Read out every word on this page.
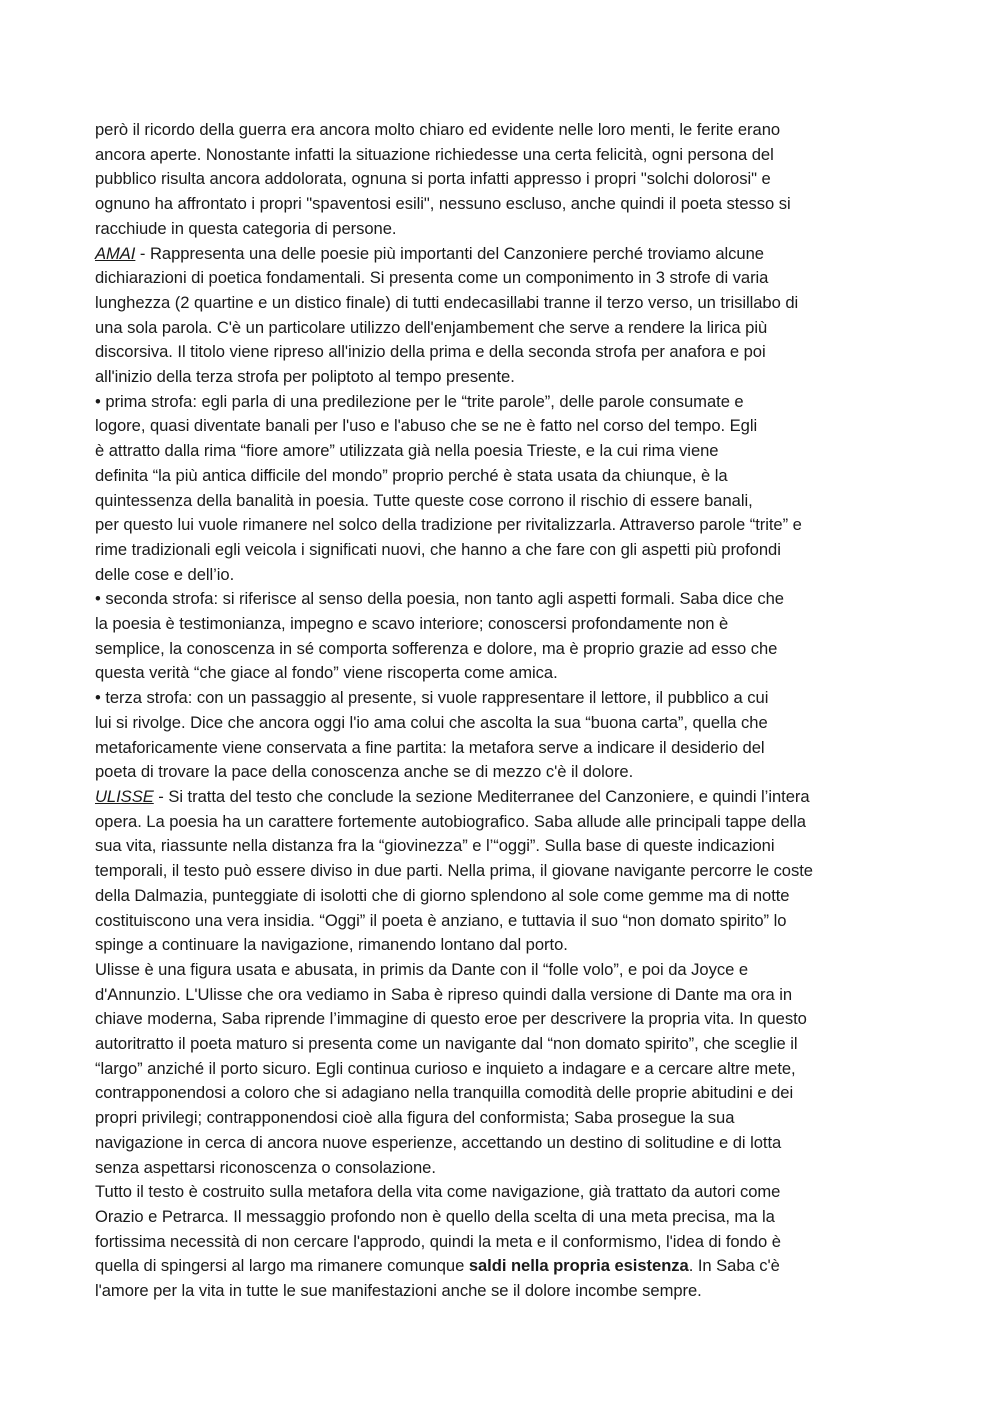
però il ricordo della guerra era ancora molto chiaro ed evidente nelle loro menti, le ferite erano
ancora aperte. Nonostante infatti la situazione richiedesse una certa felicità, ogni persona del
pubblico risulta ancora addolorata, ognuna si porta infatti appresso i propri "solchi dolorosi" e
ognuno ha affrontato i propri "spaventosi esili", nessuno escluso, anche quindi il poeta stesso si
racchiude in questa categoria di persone.
AMAI - Rappresenta una delle poesie più importanti del Canzoniere perché troviamo alcune
dichiarazioni di poetica fondamentali. Si presenta come un componimento in 3 strofe di varia
lunghezza (2 quartine e un distico finale) di tutti endecasillabi tranne il terzo verso, un trisillabo di
una sola parola. C'è un particolare utilizzo dell'enjambement che serve a rendere la lirica più
discorsiva. Il titolo viene ripreso all'inizio della prima e della seconda strofa per anafora e poi
all'inizio della terza strofa per poliptoto al tempo presente.
• prima strofa: egli parla di una predilezione per le “trite parole”, delle parole consumate e
logore, quasi diventate banali per l'uso e l'abuso che se ne è fatto nel corso del tempo. Egli
è attratto dalla rima “fiore amore” utilizzata già nella poesia Trieste, e la cui rima viene
definita “la più antica difficile del mondo” proprio perché è stata usata da chiunque, è la
quintessenza della banalità in poesia. Tutte queste cose corrono il rischio di essere banali,
per questo lui vuole rimanere nel solco della tradizione per rivitalizzarla. Attraverso parole “trite” e
rime tradizionali egli veicola i significati nuovi, che hanno a che fare con gli aspetti più profondi
delle cose e dell’io.
• seconda strofa: si riferisce al senso della poesia, non tanto agli aspetti formali. Saba dice che
la poesia è testimonianza, impegno e scavo interiore; conoscersi profondamente non è
semplice, la conoscenza in sé comporta sofferenza e dolore, ma è proprio grazie ad esso che
questa verità “che giace al fondo” viene riscoperta come amica.
• terza strofa: con un passaggio al presente, si vuole rappresentare il lettore, il pubblico a cui
lui si rivolge. Dice che ancora oggi l'io ama colui che ascolta la sua “buona carta”, quella che
metaforicamente viene conservata a fine partita: la metafora serve a indicare il desiderio del
poeta di trovare la pace della conoscenza anche se di mezzo c'è il dolore.
ULISSE - Si tratta del testo che conclude la sezione Mediterranee del Canzoniere, e quindi l’intera
opera. La poesia ha un carattere fortemente autobiografico. Saba allude alle principali tappe della
sua vita, riassunte nella distanza fra la “giovinezza” e l’“oggi”. Sulla base di queste indicazioni
temporali, il testo può essere diviso in due parti. Nella prima, il giovane navigante percorre le coste
della Dalmazia, punteggiate di isolotti che di giorno splendono al sole come gemme ma di notte
costituiscono una vera insidia. “Oggi” il poeta è anziano, e tuttavia il suo “non domato spirito” lo
spinge a continuare la navigazione, rimanendo lontano dal porto.
Ulisse è una figura usata e abusata, in primis da Dante con il “folle volo”, e poi da Joyce e
d'Annunzio. L'Ulisse che ora vediamo in Saba è ripreso quindi dalla versione di Dante ma ora in
chiave moderna, Saba riprende l’immagine di questo eroe per descrivere la propria vita. In questo
autoritratto il poeta maturo si presenta come un navigante dal “non domato spirito”, che sceglie il
“largo” anziché il porto sicuro. Egli continua curioso e inquieto a indagare e a cercare altre mete,
contrapponendosi a coloro che si adagiano nella tranquilla comodità delle proprie abitudini e dei
propri privilegi; contrapponendosi cioè alla figura del conformista; Saba prosegue la sua
navigazione in cerca di ancora nuove esperienze, accettando un destino di solitudine e di lotta
senza aspettarsi riconoscenza o consolazione.
Tutto il testo è costruito sulla metafora della vita come navigazione, già trattato da autori come
Orazio e Petrarca. Il messaggio profondo non è quello della scelta di una meta precisa, ma la
fortissima necessità di non cercare l'approdo, quindi la meta e il conformismo, l'idea di fondo è
quella di spingersi al largo ma rimanere comunque saldi nella propria esistenza. In Saba c'è
l'amore per la vita in tutte le sue manifestazioni anche se il dolore incombe sempre.
